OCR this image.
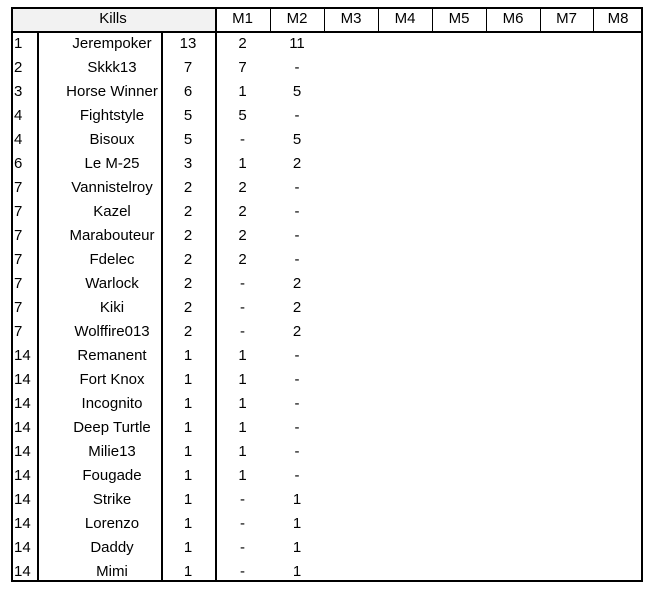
Kills	M1	M2	M3	M4	M5	M6	M7	M8
1	Jerempoker	13	2	11
2	Skkk13	7	7	-
3	Horse Winner	6	1	5
4	Fightstyle	5	5	-
4	Bisoux	5	-	5
6	Le M-25	3	1	2
7	Vannistelroy	2	2	-
7	Kazel	2	2	-
7	Marabouteur	2	2	-
7	Fdelec	2	2	-
7	Warlock	2	-	2
7	Kiki	2	-	2
7	Wolffire013	2	-	2
14	Remanent	1	1	-
14	Fort Knox	1	1	-
14	Incognito	1	1	-
14	Deep Turtle	1	1	-
14	Milie13	1	1	-
14	Fougade	1	1	-
14	Strike	1	-	1
14	Lorenzo	1	-	1
14	Daddy	1	-	1
14	Mimi	1	-	1
